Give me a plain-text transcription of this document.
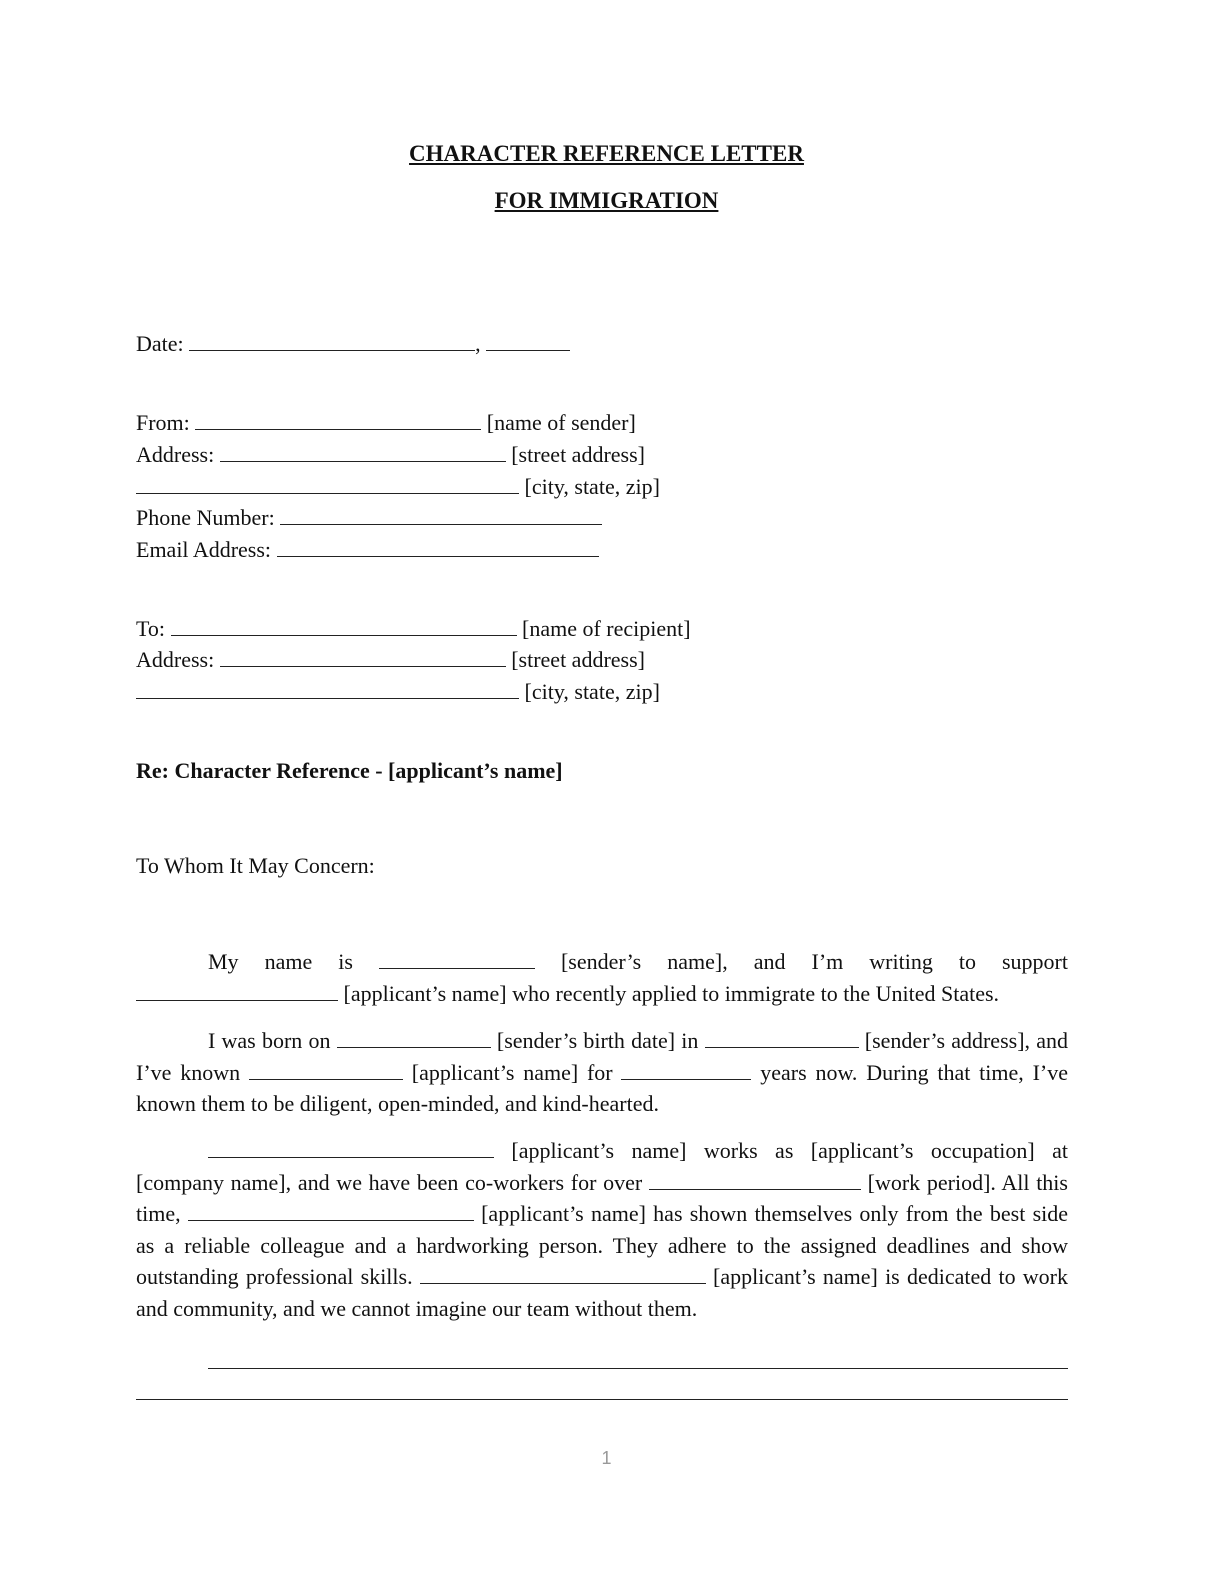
CHARACTER REFERENCE LETTER
FOR IMMIGRATION
Date:	,
From:	[name of sender]
Address:	[street address]
[city, state, zip]
Phone Number:
Email Address:
To:	[name of recipient]
Address:	[street address]
[city, state, zip]
Re: Character Reference - [applicant’s name]
To Whom It May Concern:

My name is	[sender’s name], and I’m writing to support  [applicant’s name] who recently applied to immigrate to the United States.

I was born on	[sender’s birth date] in	[sender’s address], and I’ve known	[applicant’s name] for	years now. During that time, I’ve known them to be diligent, open-minded, and kind-hearted.

[applicant’s name] works as [applicant’s occupation] at [company name], and we have been co-workers for over	[work period]. All this time,	[applicant’s name] has shown themselves only from the best side as a reliable colleague and a hardworking person. They adhere to the assigned deadlines and show outstanding professional skills.	[applicant’s name] is dedicated to work and community, and we cannot imagine our team without them.

1
